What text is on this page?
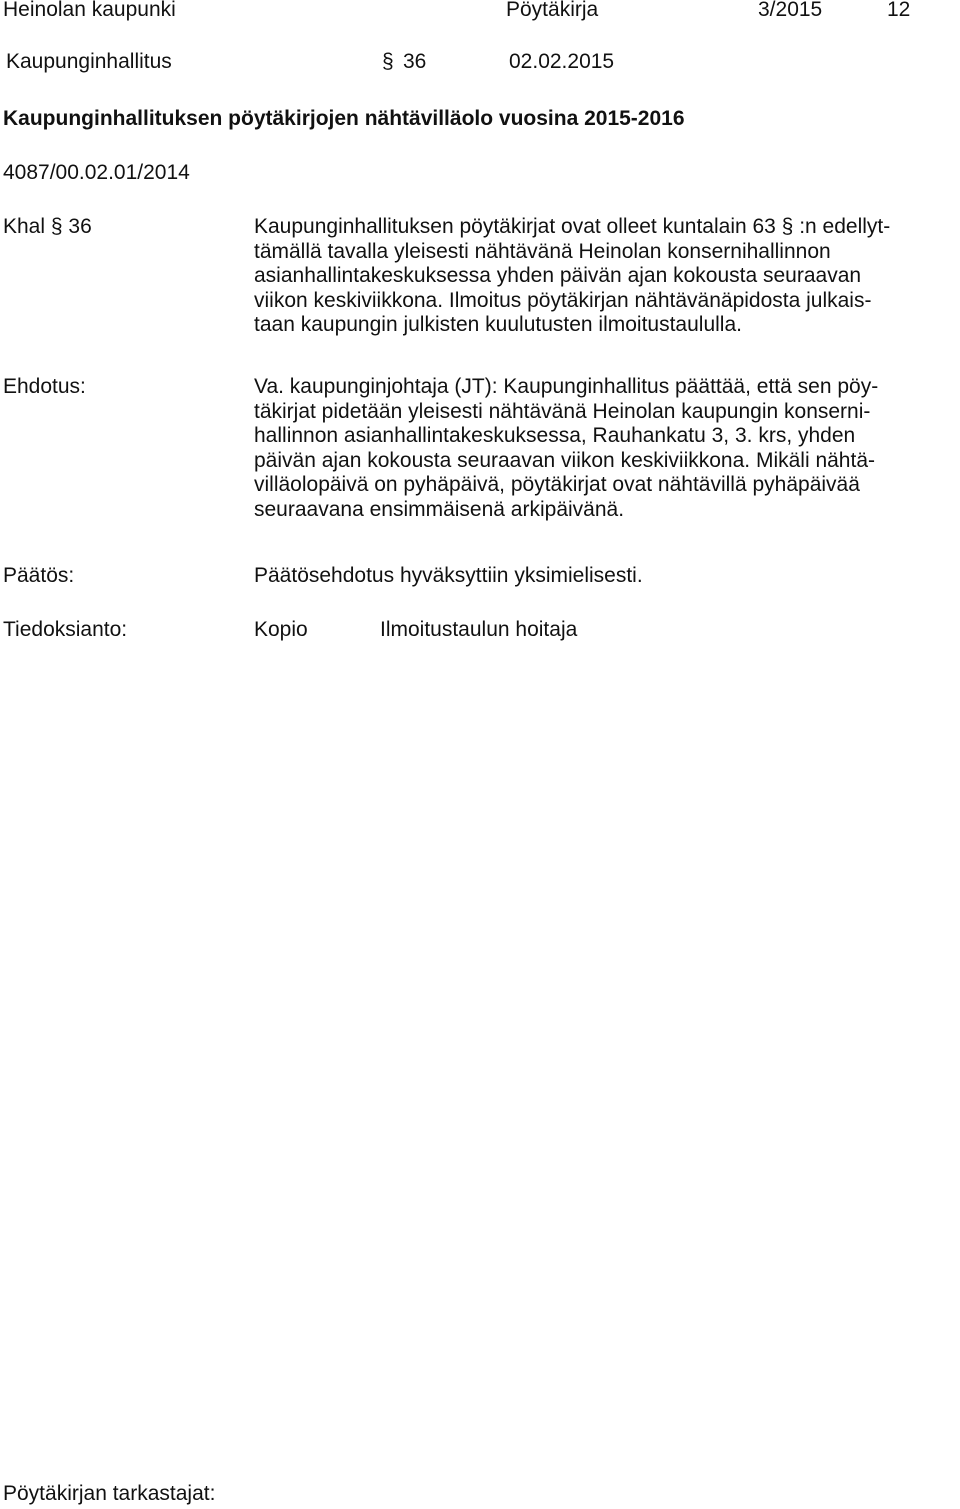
Heinolan kaupunki	Pöytäkirja	3/2015	12
Kaupunginhallitus	§ 36	02.02.2015
Kaupunginhallituksen pöytäkirjojen nähtävilläolo vuosina 2015-2016
4087/00.02.01/2014
Khal § 36	Kaupunginhallituksen pöytäkirjat ovat olleet kuntalain 63 § :n edellyt-
tämällä tavalla yleisesti nähtävänä Heinolan konsernihallinnon
asianhallintakeskuksessa yhden päivän ajan kokousta seuraavan
viikon keskiviikkona. Ilmoitus pöytäkirjan nähtävänäpidosta julkais-
taan kaupungin julkisten kuulutusten ilmoitustaululla.
Ehdotus:	Va. kaupunginjohtaja (JT): Kaupunginhallitus päättää, että sen pöy-
täkirjat pidetään yleisesti nähtävänä Heinolan kaupungin konserni-
hallinnon asianhallintakeskuksessa, Rauhankatu 3, 3. krs, yhden
päivän ajan kokousta seuraavan viikon keskiviikkona. Mikäli nähtä-
villäolopäivä on pyhäpäivä, pöytäkirjat ovat nähtävillä pyhäpäivää
seuraavana ensimmäisenä arkipäivänä.
Päätös:	Päätösehdotus hyväksyttiin yksimielisesti.
Tiedoksianto:	Kopio	Ilmoitustaulun hoitaja
Pöytäkirjan tarkastajat:
